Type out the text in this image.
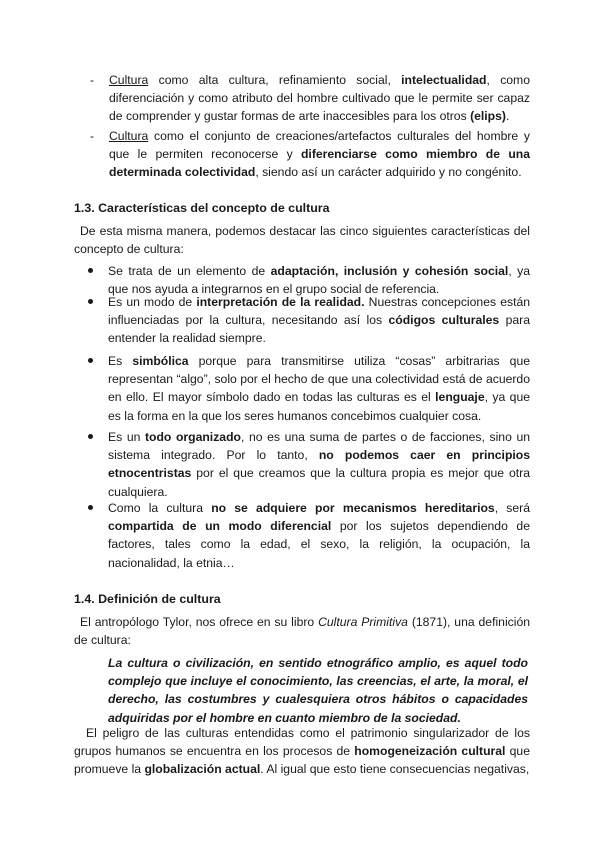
- Cultura como alta cultura, refinamiento social, intelectualidad, como diferenciación y como atributo del hombre cultivado que le permite ser capaz de comprender y gustar formas de arte inaccesibles para los otros (elips).
- Cultura como el conjunto de creaciones/artefactos culturales del hombre y que le permiten reconocerse y diferenciarse como miembro de una determinada colectividad, siendo así un carácter adquirido y no congénito.
1.3. Características del concepto de cultura
De esta misma manera, podemos destacar las cinco siguientes características del concepto de cultura:
Se trata de un elemento de adaptación, inclusión y cohesión social, ya que nos ayuda a integrarnos en el grupo social de referencia.
Es un modo de interpretación de la realidad. Nuestras concepciones están influenciadas por la cultura, necesitando así los códigos culturales para entender la realidad siempre.
Es simbólica porque para transmitirse utiliza “cosas” arbitrarias que representan “algo”, solo por el hecho de que una colectividad está de acuerdo en ello. El mayor símbolo dado en todas las culturas es el lenguaje, ya que es la forma en la que los seres humanos concebimos cualquier cosa.
Es un todo organizado, no es una suma de partes o de facciones, sino un sistema integrado. Por lo tanto, no podemos caer en principios etnocentristas por el que creamos que la cultura propia es mejor que otra cualquiera.
Como la cultura no se adquiere por mecanismos hereditarios, será compartida de un modo diferencial por los sujetos dependiendo de factores, tales como la edad, el sexo, la religión, la ocupación, la nacionalidad, la etnia…
1.4. Definición de cultura
El antropólogo Tylor, nos ofrece en su libro Cultura Primitiva (1871), una definición de cultura:
La cultura o civilización, en sentido etnográfico amplio, es aquel todo complejo que incluye el conocimiento, las creencias, el arte, la moral, el derecho, las costumbres y cualesquiera otros hábitos o capacidades adquiridas por el hombre en cuanto miembro de la sociedad.
El peligro de las culturas entendidas como el patrimonio singularizador de los grupos humanos se encuentra en los procesos de homogeneización cultural que promueve la globalización actual. Al igual que esto tiene consecuencias negativas,
